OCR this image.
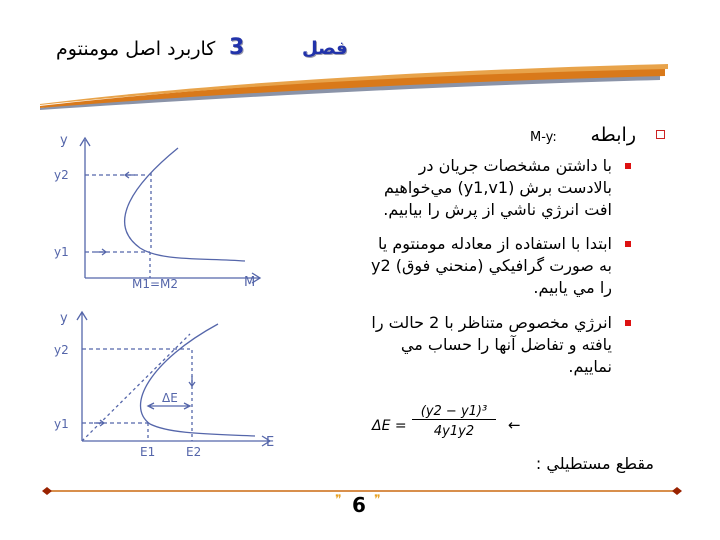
کاربرد اصل مومنتوم	فصل
3
y
y2
y1
M1=M2	M
y
y2
y1
ΔE
E1	E2
E
رابطه
M-y:
با داشتن مشخصات جريان در
بالادست برش (y1,v1) مي‌خواهيم
افت انرژي ناشي از پرش را بيابيم.
ابتدا با استفاده از معادله مومنتوم يا
به صورت گرافيكي (منحني فوق) y2
را مي يابيم.
انرژي مخصوص متناظر با 2 حالت را
يافته و تفاضل آنها را حساب مي
نماييم.
ΔE =
(y2 − y1)³
4y1y2	←
مقطع مستطيلي :
❞ 6 ❞
